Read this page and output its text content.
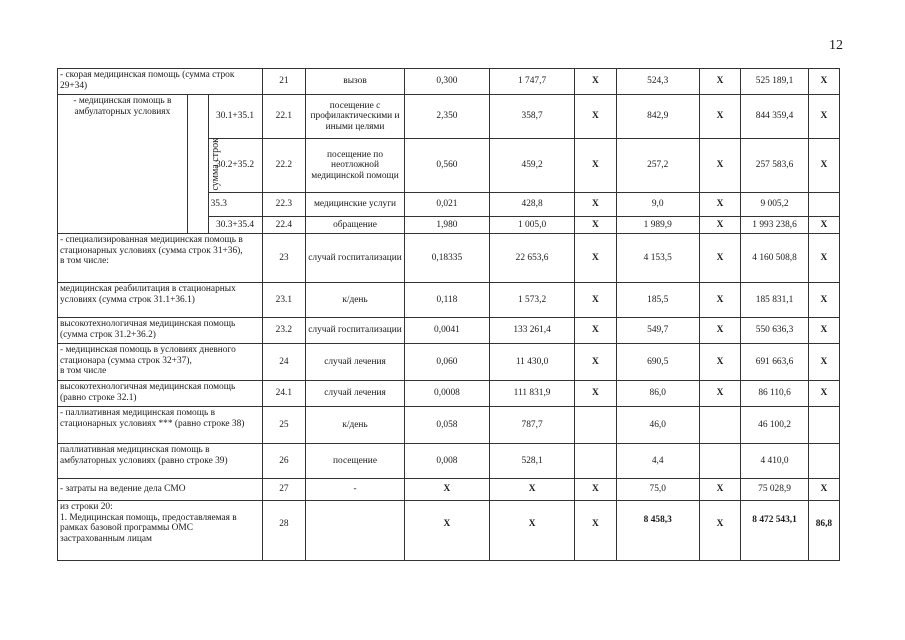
12
- скорая медицинская помощь (сумма строк 29+34)			21	вызов	0,300	1 747,7	X	524,3	X	525 189,1	X
- медицинская помощь в амбулаторных условиях	сумма строк	30.1+35.1	22.1	посещение с профилактическими и иными целями	2,350	358,7	X	842,9	X	844 359,4	X
		30.2+35.2	22.2	посещение по неотложной медицинской помощи	0,560	459,2	X	257,2	X	257 583,6	X
		35.3	22.3	медицинские услуги	0,021	428,8	X	9,0	X	9 005,2	
		30.3+35.4	22.4	обращение	1,980	1 005,0	X	1 989,9	X	1 993 238,6	X
- специализированная медицинская помощь в стационарных условиях (сумма строк 31+36),
в том числе:			23	случай госпитализации	0,18335	22 653,6	X	4 153,5	X	4 160 508,8	X
медицинская реабилитация в стационарных условиях (сумма строк 31.1+36.1)			23.1	к/день	0,118	1 573,2	X	185,5	X	185 831,1	X
высокотехнологичная медицинская помощь (сумма строк 31.2+36.2)			23.2	случай госпитализации	0,0041	133 261,4	X	549,7	X	550 636,3	X
- медицинская помощь в условиях дневного стационара (сумма строк 32+37),
в том числе			24	случай лечения	0,060	11 430,0	X	690,5	X	691 663,6	X
высокотехнологичная медицинская помощь (равно строке 32.1)			24.1	случай лечения	0,0008	111 831,9	X	86,0	X	86 110,6	X
- паллиативная медицинская помощь в стационарных условиях *** (равно строке 38)			25	к/день	0,058	787,7		46,0		46 100,2	
паллиативная медицинская помощь в амбулаторных условиях (равно строке 39)			26	посещение	0,008	528,1		4,4		4 410,0	
- затраты на ведение дела СМО			27	-	X	X	X	75,0	X	75 028,9	X
из строки 20:
1. Медицинская помощь, предоставляемая в рамках базовой программы ОМС застрахованным лицам			28		X	X	X	8 458,3	X	8 472 543,1	86,8
